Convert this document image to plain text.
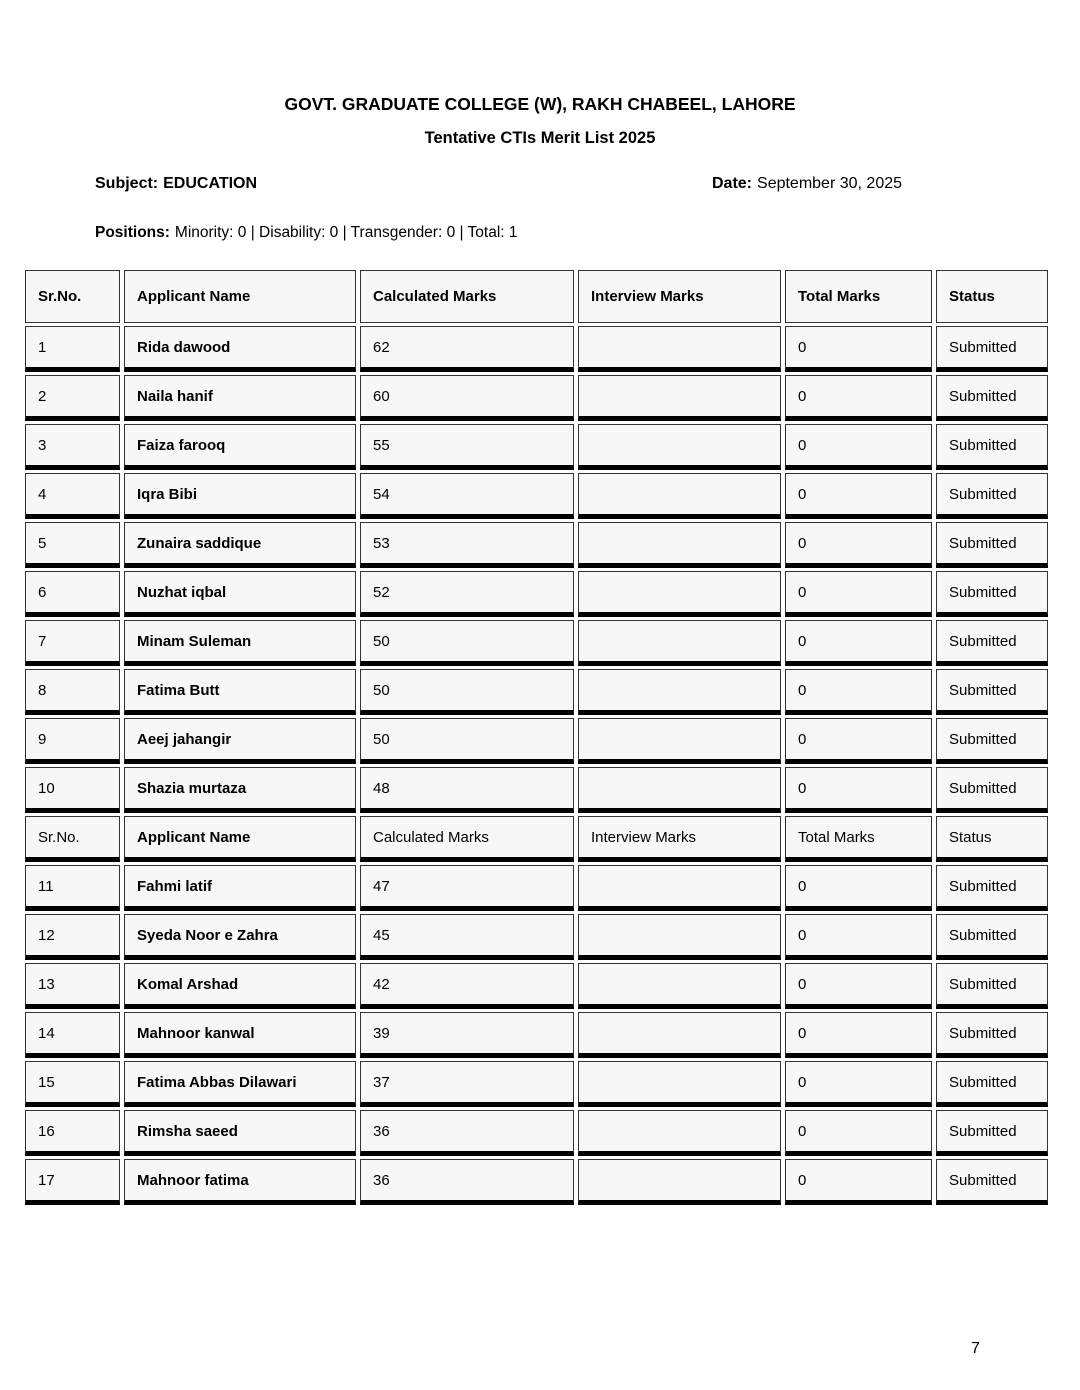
GOVT. GRADUATE COLLEGE (W), RAKH CHABEEL, LAHORE
Tentative CTIs Merit List 2025
Subject: EDUCATION	Date: September 30, 2025
Positions: Minority: 0 | Disability: 0 | Transgender: 0 | Total: 1
Sr.No.	Applicant Name	Calculated Marks	Interview Marks	Total Marks	Status
1	Rida dawood	62		0	Submitted
2	Naila hanif	60		0	Submitted
3	Faiza farooq	55		0	Submitted
4	Iqra Bibi	54		0	Submitted
5	Zunaira saddique	53		0	Submitted
6	Nuzhat iqbal	52		0	Submitted
7	Minam Suleman	50		0	Submitted
8	Fatima Butt	50		0	Submitted
9	Aeej jahangir	50		0	Submitted
10	Shazia murtaza	48		0	Submitted
Sr.No.	Applicant Name	Calculated Marks	Interview Marks	Total Marks	Status
11	Fahmi latif	47		0	Submitted
12	Syeda Noor e Zahra	45		0	Submitted
13	Komal Arshad	42		0	Submitted
14	Mahnoor kanwal	39		0	Submitted
15	Fatima Abbas Dilawari	37		0	Submitted
16	Rimsha saeed	36		0	Submitted
17	Mahnoor fatima	36		0	Submitted
7
